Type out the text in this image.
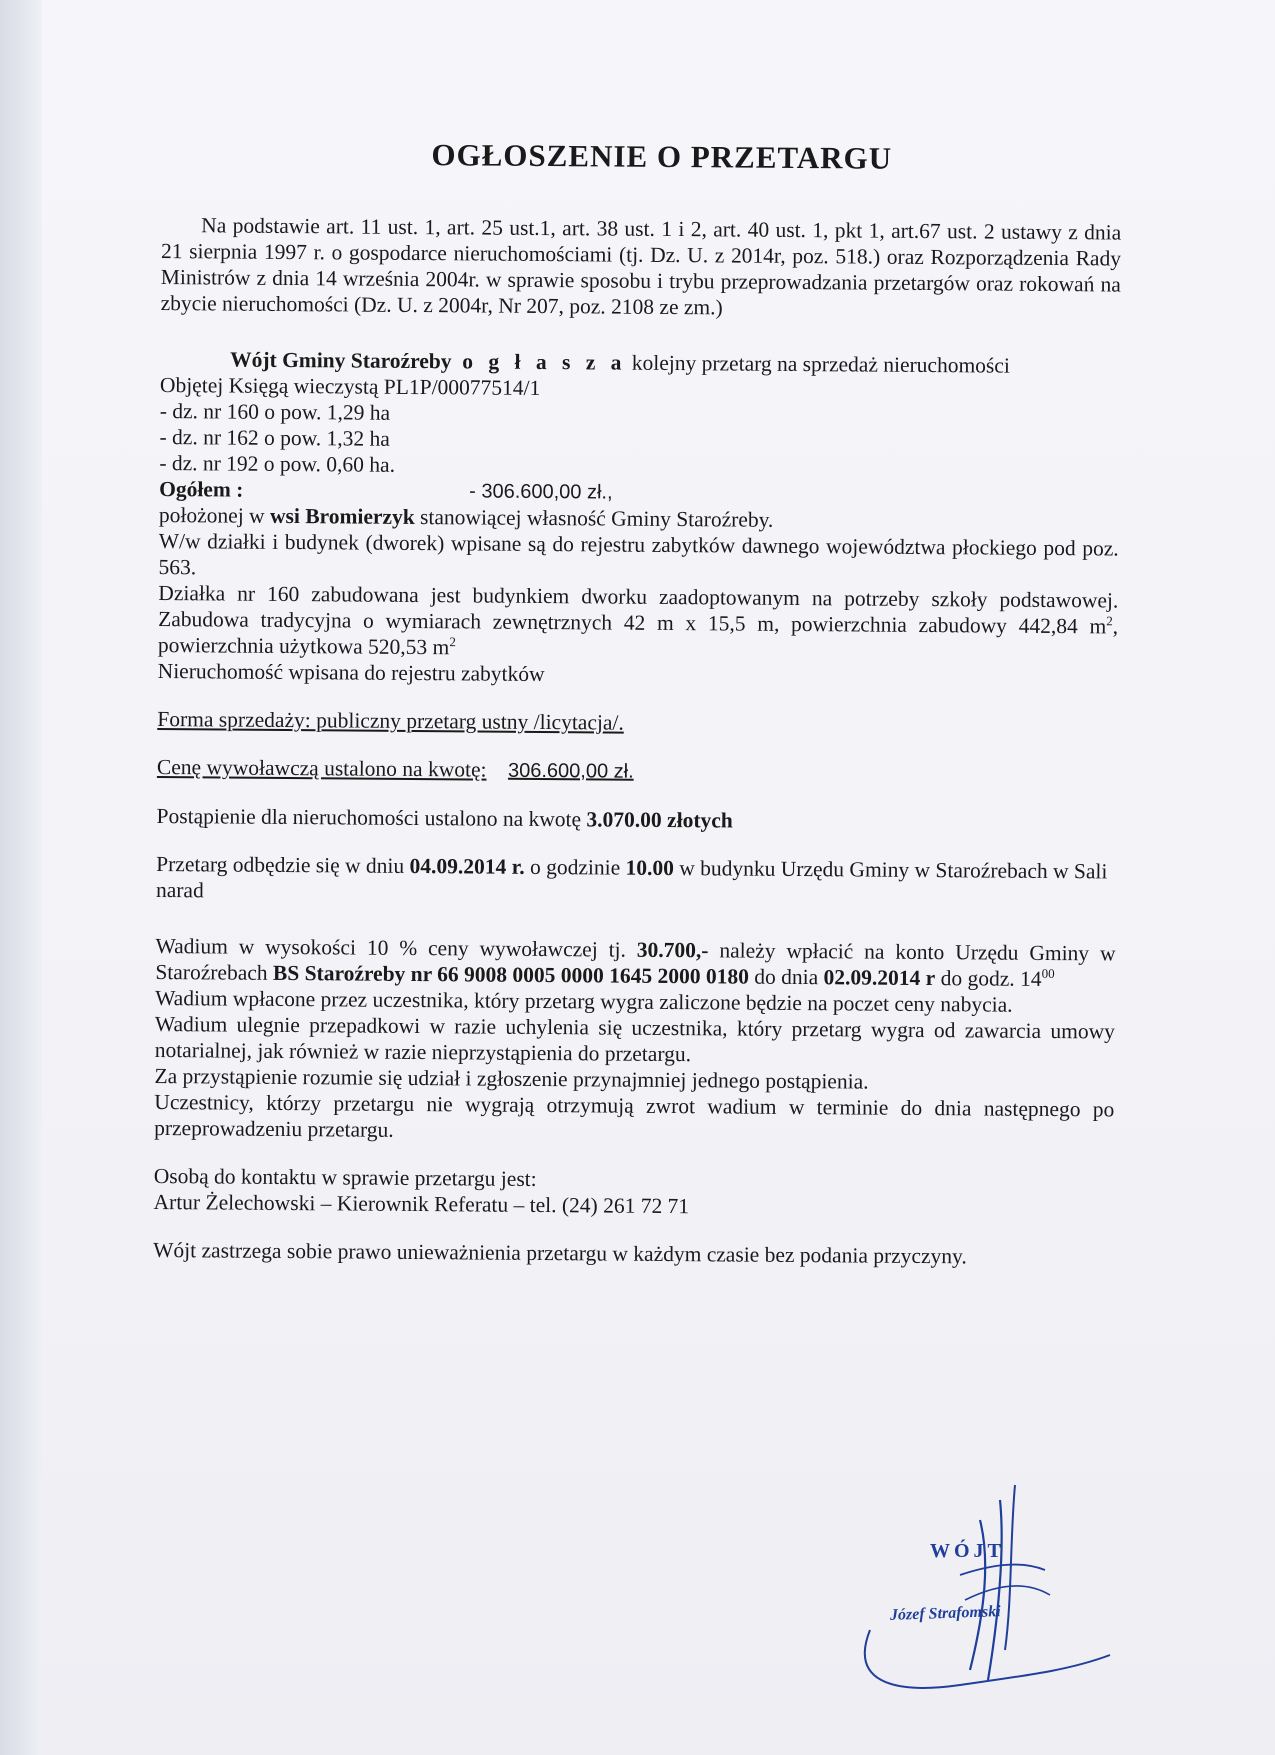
OGŁOSZENIE O PRZETARGU

Na podstawie art. 11 ust. 1, art. 25 ust.1, art. 38 ust. 1 i 2, art. 40 ust. 1, pkt 1, art.67 ust. 2 ustawy z dnia 21 sierpnia 1997 r. o gospodarce nieruchomościami (tj. Dz. U. z 2014r, poz. 518.) oraz Rozporządzenia Rady Ministrów z dnia 14 września 2004r. w sprawie sposobu i trybu przeprowadzania przetargów oraz rokowań na zbycie nieruchomości (Dz. U. z 2004r, Nr 207, poz. 2108 ze zm.)

Wójt Gminy Staroźreby o g ł a s z a kolejny przetarg na sprzedaż nieruchomości

Objętej Księgą wieczystą PL1P/00077514/1

- dz. nr 160 o pow. 1,29 ha
- dz. nr 162 o pow. 1,32 ha
- dz. nr 192 o pow. 0,60 ha.
Ogółem :	- 306.600,00 zł.,

położonej w wsi Bromierzyk stanowiącej własność Gminy Staroźreby.

W/w działki i budynek (dworek) wpisane są do rejestru zabytków dawnego województwa płockiego pod poz. 563.

Działka nr 160 zabudowana jest budynkiem dworku zaadoptowanym na potrzeby szkoły podstawowej. Zabudowa tradycyjna o wymiarach zewnętrznych 42 m x 15,5 m, powierzchnia zabudowy 442,84 $m^2$, powierzchnia użytkowa 520,53 $m^2$

Nieruchomość wpisana do rejestru zabytków

Forma sprzedaży: publiczny przetarg ustny /licytacja/.

Cenę wywoławczą ustalono na kwotę: 306.600,00 zł.

Postąpienie dla nieruchomości ustalono na kwotę 3.070.00 złotych

Przetarg odbędzie się w dniu 04.09.2014 r. o godzinie 10.00 w budynku Urzędu Gminy w Staroźrebach w Sali narad

Wadium w wysokości 10 % ceny wywoławczej tj. 30.700,- należy wpłacić na konto Urzędu Gminy w Staroźrebach BS Staroźreby nr 66 9008 0005 0000 1645 2000 0180 do dnia 02.09.2014 r do godz. $14^{00}$

Wadium wpłacone przez uczestnika, który przetarg wygra zaliczone będzie na poczet ceny nabycia.

Wadium ulegnie przepadkowi w razie uchylenia się uczestnika, który przetarg wygra od zawarcia umowy notarialnej, jak również w razie nieprzystąpienia do przetargu.

Za przystąpienie rozumie się udział i zgłoszenie przynajmniej jednego postąpienia.

Uczestnicy, którzy przetargu nie wygrają otrzymują zwrot wadium w terminie do dnia następnego po przeprowadzeniu przetargu.

Osobą do kontaktu w sprawie przetargu jest:

Artur Żelechowski – Kierownik Referatu – tel. (24) 261 72 71

Wójt zastrzega sobie prawo unieważnienia przetargu w każdym czasie bez podania przyczyny.

WÓJT
Józef Strafomski
